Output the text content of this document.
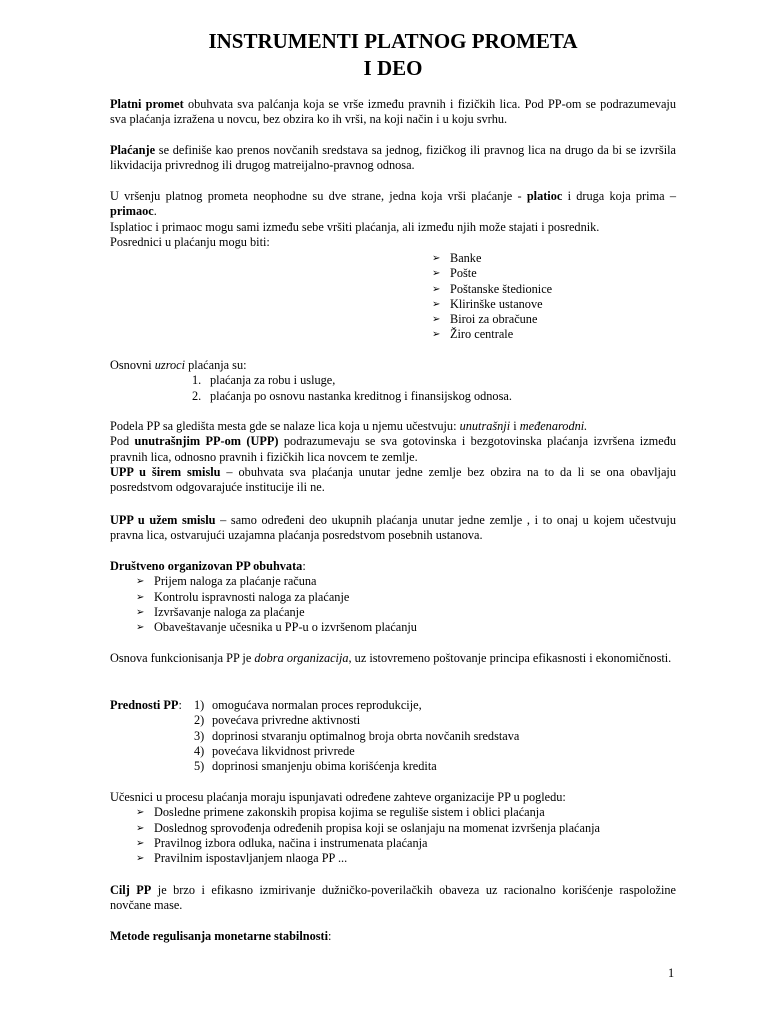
INSTRUMENTI PLATNOG PROMETA
I DEO

Platni promet obuhvata sva palćanja koja se vrše između pravnih i fizičkih lica. Pod PP-om se podrazumevaju sva plaćanja izražena u novcu, bez obzira ko ih vrši, na koji način i u koju svrhu.

Plaćanje se definiše kao prenos novčanih sredstava sa jednog, fizičkog ili pravnog lica na drugo da bi se izvršila likvidacija privrednog ili drugog matreijalno-pravnog odnosa.

U vršenju platnog prometa neophodne su dve strane, jedna koja vrši plaćanje - platioc i druga koja prima – primaoc.

Isplatioc i primaoc mogu sami između sebe vršiti plaćanja, ali između njih može stajati i posrednik.

Posrednici u plaćanju mogu biti:

➢ Banke
➢ Pošte
➢ Poštanske štedionice
➢ Klirinške ustanove
➢ Biroi za obračune
➢ Žiro centrale

Osnovni uzroci plaćanja su:

1. plaćanja za robu i usluge,
2. plaćanja po osnovu nastanka kreditnog i finansijskog odnosa.

Podela PP sa gledišta mesta gde se nalaze lica koja u njemu učestvuju: unutrašnji i međenarodni.

Pod unutrašnjim PP-om (UPP) podrazumevaju se sva gotovinska i bezgotovinska plaćanja izvršena između pravnih lica, odnosno pravnih i fizičkih lica novcem te zemlje.

UPP u širem smislu – obuhvata sva plaćanja unutar jedne zemlje bez obzira na to da li se ona obavljaju posredstvom odgovarajuće institucije ili ne.

UPP u užem smislu – samo određeni deo ukupnih plaćanja unutar jedne zemlje , i to onaj u kojem učestvuju pravna lica, ostvarujući uzajamna plaćanja posredstvom posebnih ustanova.

Društveno organizovan PP obuhvata:

➢ Prijem naloga za plaćanje računa
➢ Kontrolu ispravnosti naloga za plaćanje
➢ Izvršavanje naloga za plaćanje
➢ Obaveštavanje učesnika u PP-u o izvršenom plaćanju

Osnova funkcionisanja PP je dobra organizacija, uz istovremeno poštovanje principa efikasnosti i ekonomičnosti.

Prednosti PP: 1) omogućava normalan proces reprodukcije,
2) povećava privredne aktivnosti
3) doprinosi stvaranju optimalnog broja obrta novčanih sredstava
4) povećava likvidnost privrede
5) doprinosi smanjenju obima korišćenja kredita

Učesnici u procesu plaćanja moraju ispunjavati određene zahteve organizacije PP u pogledu:

➢ Dosledne primene zakonskih propisa kojima se reguliše sistem i oblici plaćanja
➢ Doslednog sprovođenja određenih propisa koji se oslanjaju na momenat izvršenja plaćanja
➢ Pravilnog izbora odluka, načina i instrumenata plaćanja
➢ Pravilnim ispostavljanjem nlaoga PP ...

Cilj PP je brzo i efikasno izmirivanje dužničko-poverilačkih obaveza uz racionalno korišćenje raspoložine novčane mase.

Metode regulisanja monetarne stabilnosti:

1
